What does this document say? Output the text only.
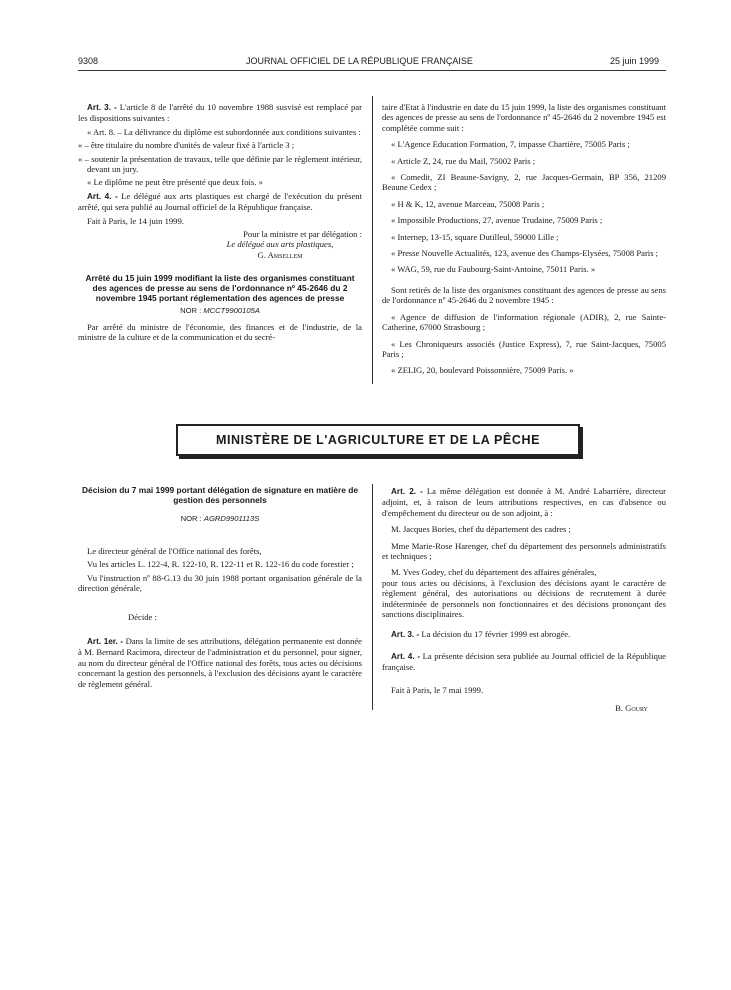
9308	JOURNAL OFFICIEL DE LA RÉPUBLIQUE FRANÇAISE	25 juin 1999

Art. 3. - L'article 8 de l'arrêté du 10 novembre 1988 susvisé est remplacé par les dispositions suivantes :

« Art. 8. – La délivrance du diplôme est subordonnée aux conditions suivantes :

« – être titulaire du nombre d'unités de valeur fixé à l'article 3 ;

« – soutenir la présentation de travaux, telle que définie par le règlement intérieur, devant un jury.

« Le diplôme ne peut être présenté que deux fois. »

Art. 4. - Le délégué aux arts plastiques est chargé de l'exécution du présent arrêté, qui sera publié au Journal officiel de la République française.

Fait à Paris, le 14 juin 1999.

Pour la ministre et par délégation :

Le délégué aux arts plastiques,

G. Amsellem

Arrêté du 15 juin 1999 modifiant la liste des organismes constituant des agences de presse au sens de l'ordonnance nº 45-2646 du 2 novembre 1945 portant réglementation des agences de presse
NOR : MCCT9900105A

Par arrêté du ministre de l'économie, des finances et de l'industrie, de la ministre de la culture et de la communication et du secré-

taire d'Etat à l'industrie en date du 15 juin 1999, la liste des organismes constituant des agences de presse au sens de l'ordonnance nº 45-2646 du 2 novembre 1945 est complétée comme suit :

« L'Agence Education Formation, 7, impasse Chartière, 75005 Paris ;

« Article Z, 24, rue du Mail, 75002 Paris ;

« Comedit, ZI Beaune-Savigny, 2, rue Jacques-Germain, BP 356, 21209 Beaune Cedex ;

« H & K, 12, avenue Marceau, 75008 Paris ;

« Impossible Productions, 27, avenue Trudaine, 75009 Paris ;

« Internep, 13-15, square Dutilleul, 59000 Lille ;

« Presse Nouvelle Actualités, 123, avenue des Champs-Elysées, 75008 Paris ;

« WAG, 59, rue du Faubourg-Saint-Antoine, 75011 Paris. »

Sont retirés de la liste des organismes constituant des agences de presse au sens de l'ordonnance nº 45-2646 du 2 novembre 1945 :

« Agence de diffusion de l'information régionale (ADIR), 2, rue Sainte-Catherine, 67000 Strasbourg ;

« Les Chroniqueurs associés (Justice Express), 7, rue Saint-Jacques, 75005 Paris ;

« ZELIG, 20, boulevard Poissonnière, 75009 Paris. »

MINISTÈRE DE L'AGRICULTURE ET DE LA PÊCHE
Décision du 7 mai 1999 portant délégation de signature en matière de gestion des personnels
NOR : AGRD9901113S

Le directeur général de l'Office national des forêts,

Vu les articles L. 122-4, R. 122-10, R. 122-11 et R. 122-16 du code forestier ;

Vu l'instruction nº 88-G.13 du 30 juin 1988 portant organisation générale de la direction générale,

Décide :

Art. 1er. - Dans la limite de ses attributions, délégation permanente est donnée à M. Bernard Racimora, directeur de l'administration et du personnel, pour signer, au nom du directeur général de l'Office national des forêts, tous actes ou décisions concernant la gestion des personnels, à l'exclusion des décisions ayant le caractère de règlement général.

Art. 2. - La même délégation est donnée à M. André Labarrière, directeur adjoint, et, à raison de leurs attributions respectives, en cas d'absence ou d'empêchement du directeur ou de son adjoint, à :

M. Jacques Bories, chef du département des cadres ;

Mme Marie-Rose Harenger, chef du département des personnels administratifs et techniques ;

M. Yves Godey, chef du département des affaires générales,

pour tous actes ou décisions, à l'exclusion des décisions ayant le caractère de règlement général, des autorisations ou décisions de recrutement à durée indéterminée de personnels non fonctionnaires et des décisions prononçant des sanctions disciplinaires.

Art. 3. - La décision du 17 février 1999 est abrogée.

Art. 4. - La présente décision sera publiée au Journal officiel de la République française.

Fait à Paris, le 7 mai 1999.

B. Goury
